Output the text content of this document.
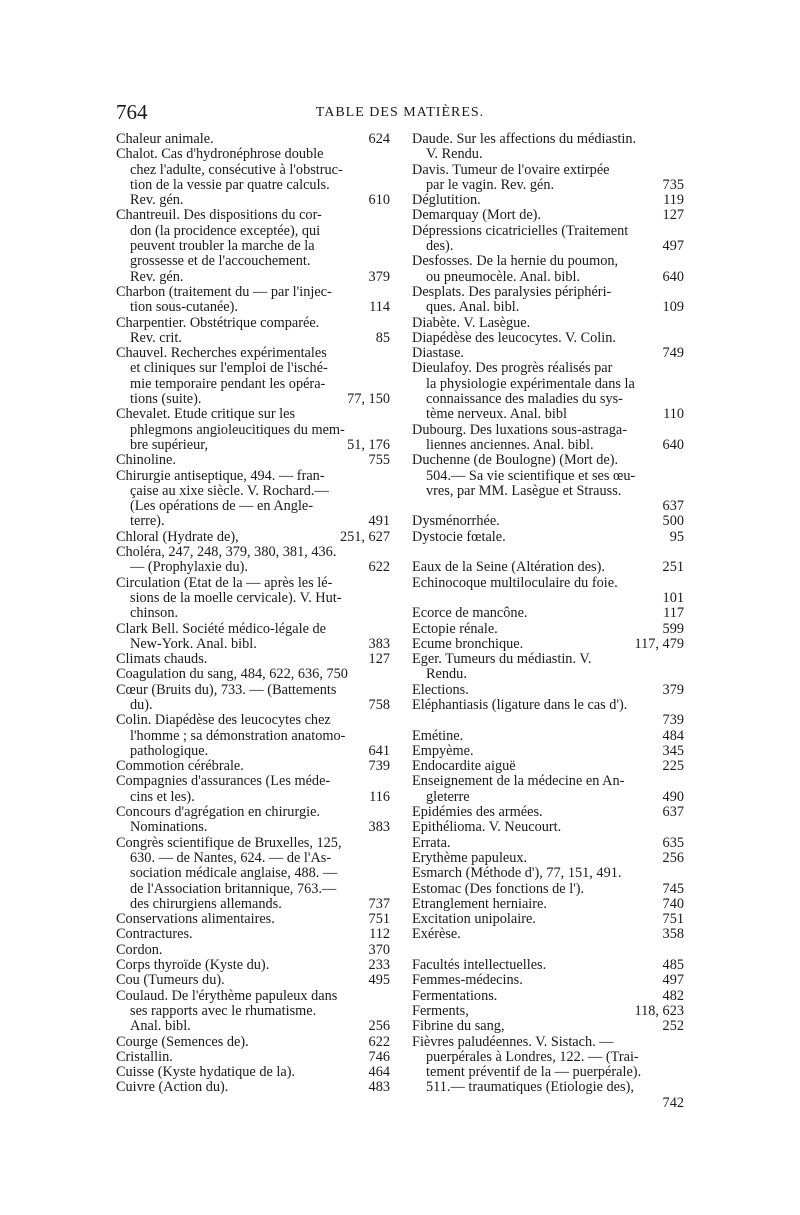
764	TABLE DES MATIÈRES.
Chaleur animale.	624
Chalot. Cas d'hydronéphrose double
chez l'adulte, consécutive à l'obstruc-
tion de la vessie par quatre calculs.
Rev. gén.	610
Chantreuil. Des dispositions du cor-
don (la procidence exceptée), qui
peuvent troubler la marche de la
grossesse et de l'accouchement.
Rev. gén.	379
Charbon (traitement du — par l'injec-
tion sous-cutanée).	114
Charpentier. Obstétrique comparée.
Rev. crit.	85
Chauvel. Recherches expérimentales
et cliniques sur l'emploi de l'isché-
mie temporaire pendant les opéra-
tions (suite).	77, 150
Chevalet. Etude critique sur les
phlegmons angioleucitiques du mem-
bre supérieur,	51, 176
Chinoline.	755
Chirurgie antiseptique, 494. — fran-
çaise au xixe siècle. V. Rochard.—
(Les opérations de — en Angle-
terre).	491
Chloral (Hydrate de),	251, 627
Choléra, 247, 248, 379, 380, 381, 436.
— (Prophylaxie du).	622
Circulation (Etat de la — après les lé-
sions de la moelle cervicale). V. Hut-
chinson.
Clark Bell. Société médico-légale de
New-York. Anal. bibl.	383
Climats chauds.	127
Coagulation du sang, 484, 622, 636, 750
Cœur (Bruits du), 733. — (Battements
du).	758
Colin. Diapédèse des leucocytes chez
l'homme ; sa démonstration anatomo-
pathologique.	641
Commotion cérébrale.	739
Compagnies d'assurances (Les méde-
cins et les).	116
Concours d'agrégation en chirurgie.
Nominations.	383
Congrès scientifique de Bruxelles, 125,
630. — de Nantes, 624. — de l'As-
sociation médicale anglaise, 488. —
de l'Association britannique, 763.—
des chirurgiens allemands.	737
Conservations alimentaires.	751
Contractures.	112
Cordon.	370
Corps thyroïde (Kyste du).	233
Cou (Tumeurs du).	495
Coulaud. De l'érythème papuleux dans
ses rapports avec le rhumatisme.
Anal. bibl.	256
Courge (Semences de).	622
Cristallin.	746
Cuisse (Kyste hydatique de la).	464
Cuivre (Action du).	483
Daude. Sur les affections du médiastin.
V. Rendu.
Davis. Tumeur de l'ovaire extirpée
par le vagin. Rev. gén.	735
Déglutition.	119
Demarquay (Mort de).	127
Dépressions cicatricielles (Traitement
des).	497
Desfosses. De la hernie du poumon,
ou pneumocèle. Anal. bibl.	640
Desplats. Des paralysies périphéri-
ques. Anal. bibl.	109
Diabète. V. Lasègue.
Diapédèse des leucocytes. V. Colin.
Diastase.	749
Dieulafoy. Des progrès réalisés par
la physiologie expérimentale dans la
connaissance des maladies du sys-
tème nerveux. Anal. bibl	110
Dubourg. Des luxations sous-astraga-
liennes anciennes. Anal. bibl.	640
Duchenne (de Boulogne) (Mort de).
504.— Sa vie scientifique et ses œu-
vres, par MM. Lasègue et Strauss.
637
Dysménorrhée.	500
Dystocie fœtale.	95
Eaux de la Seine (Altération des).	251
Echinocoque multiloculaire du foie.
101
Ecorce de mancône.	117
Ectopie rénale.	599
Ecume bronchique.	117, 479
Eger. Tumeurs du médiastin. V.
Rendu.
Elections.	379
Eléphantiasis (ligature dans le cas d').
739
Emétine.	484
Empyème.	345
Endocardite aiguë	225
Enseignement de la médecine en An-
gleterre	490
Epidémies des armées.	637
Epithélioma. V. Neucourt.
Errata.	635
Erythème papuleux.	256
Esmarch (Méthode d'), 77, 151, 491.
Estomac (Des fonctions de l').	745
Etranglement herniaire.	740
Excitation unipolaire.	751
Exérèse.	358
Facultés intellectuelles.	485
Femmes-médecins.	497
Fermentations.	482
Ferments,	118, 623
Fibrine du sang,	252
Fièvres paludéennes. V. Sistach. —
puerpérales à Londres, 122. — (Trai-
tement préventif de la — puerpérale).
511.— traumatiques (Etiologie des),
742
